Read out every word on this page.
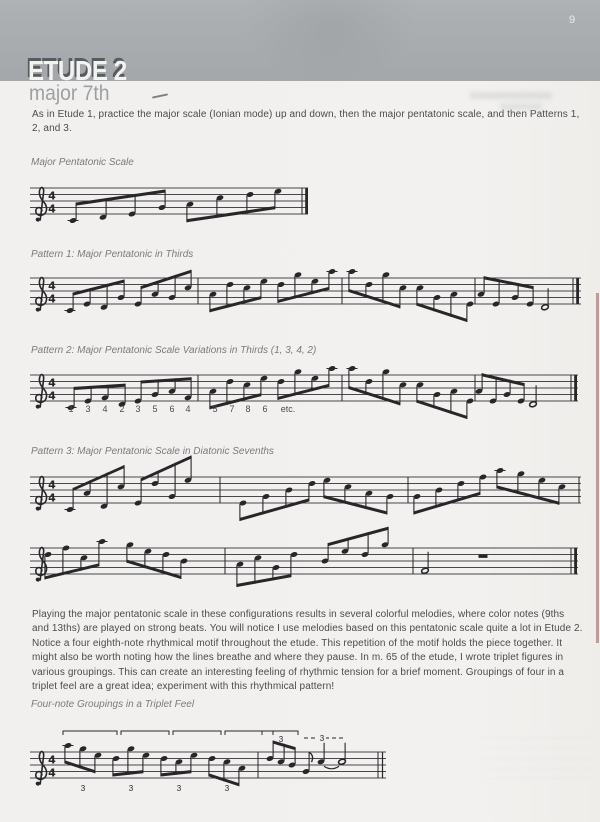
9
ETUDE 2
major 7th
As in Etude 1, practice the major scale (Ionian mode) up and down, then the major pentatonic scale, and then Patterns 1,
2, and 3.
Major Pentatonic Scale
4
4
Pattern 1: Major Pentatonic in Thirds
4
4
Pattern 2: Major Pentatonic Scale Variations in Thirds (1, 3, 4, 2)
4
4
1 3 4 2 3 5 6 4 5 7 8 6 etc.
Pattern 3: Major Pentatonic Scale in Diatonic Sevenths
4
4
Playing the major pentatonic scale in these configurations results in several colorful melodies, where color notes (9ths
and 13ths) are played on strong beats. You will notice I use melodies based on this pentatonic scale quite a lot in Etude 2.
Notice a four eighth-note rhythmical motif throughout the etude. This repetition of the motif holds the piece together. It
might also be worth noting how the lines breathe and where they pause. In m. 65 of the etude, I wrote triplet figures in
various groupings. This can create an interesting feeling of rhythmic tension for a brief moment. Groupings of four in a
triplet feel are a great idea; experiment with this rhythmical pattern!
Four-note Groupings in a Triplet Feel
4
4
3	3	3	3
3	3
